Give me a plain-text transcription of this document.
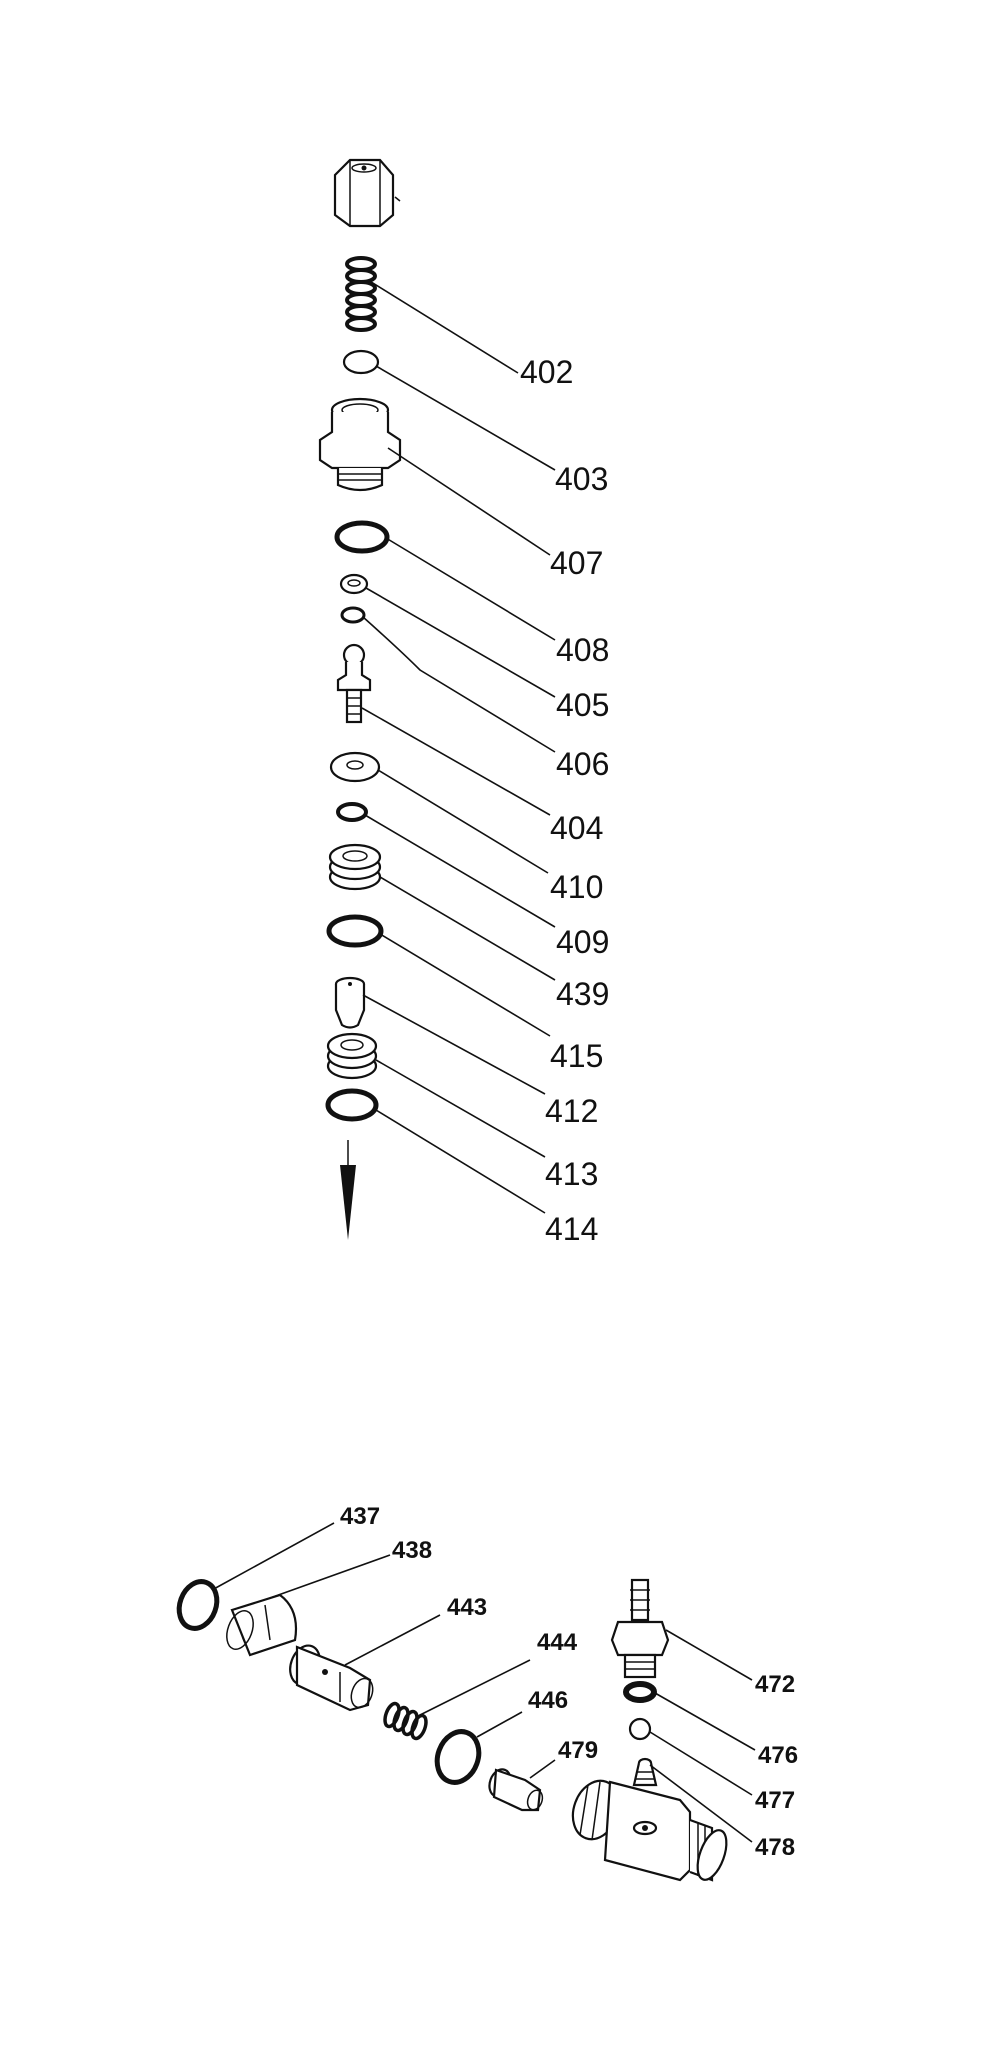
402
403
407
408
405
406
404
410
409
439
415
412
413
414
437
438
443
444
446
479
472
476
477
478
